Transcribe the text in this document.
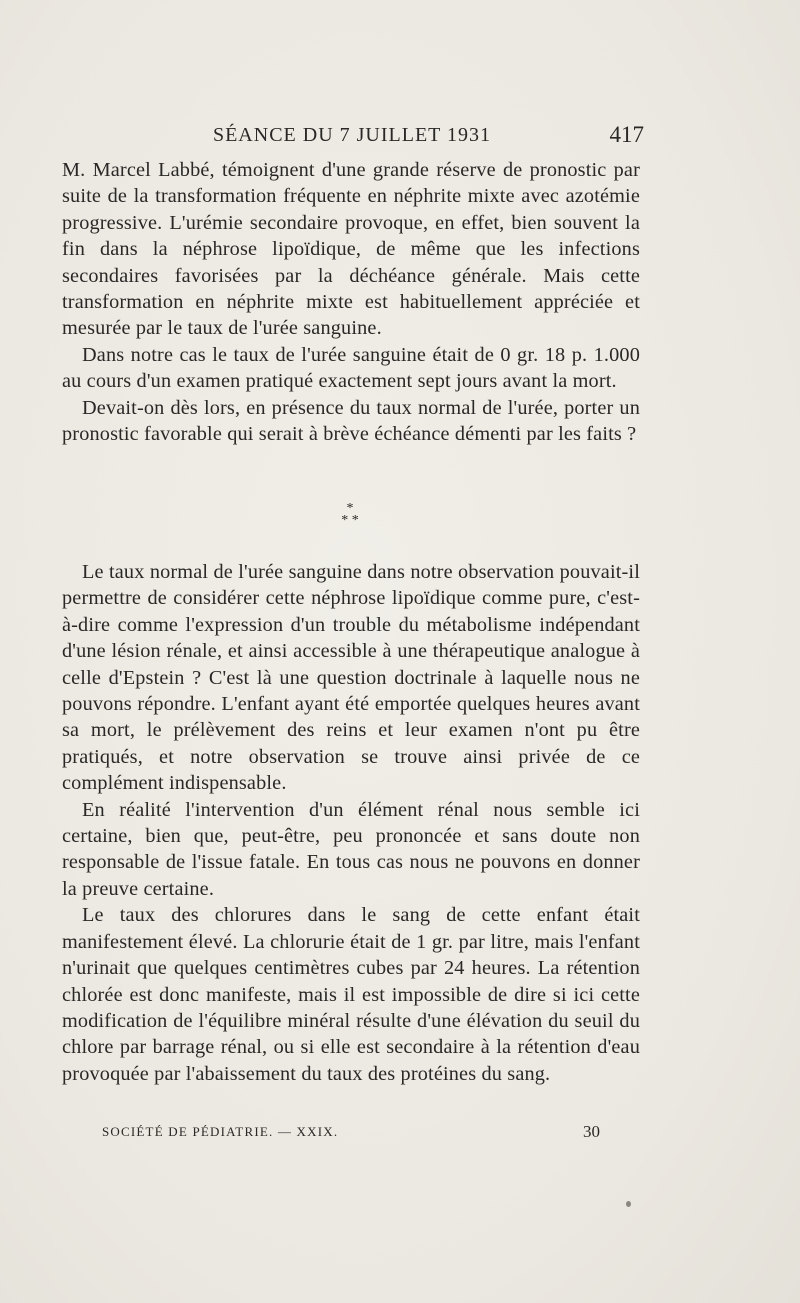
SÉANCE DU 7 JUILLET 1931	417

M. Marcel Labbé, témoignent d'une grande réserve de pronostic par suite de la transformation fréquente en néphrite mixte avec azotémie progressive. L'urémie secondaire provoque, en effet, bien souvent la fin dans la néphrose lipoïdique, de même que les infections secondaires favorisées par la déchéance générale. Mais cette transformation en néphrite mixte est habituellement appréciée et mesurée par le taux de l'urée sanguine.

Dans notre cas le taux de l'urée sanguine était de 0 gr. 18 p. 1.000 au cours d'un examen pratiqué exactement sept jours avant la mort.

Devait-on dès lors, en présence du taux normal de l'urée, porter un pronostic favorable qui serait à brève échéance démenti par les faits ?

*
* *

Le taux normal de l'urée sanguine dans notre observation pouvait-il permettre de considérer cette néphrose lipoïdique comme pure, c'est-à-dire comme l'expression d'un trouble du métabolisme indépendant d'une lésion rénale, et ainsi accessible à une thérapeutique analogue à celle d'Epstein ? C'est là une question doctrinale à laquelle nous ne pouvons répondre. L'enfant ayant été emportée quelques heures avant sa mort, le prélèvement des reins et leur examen n'ont pu être pratiqués, et notre observation se trouve ainsi privée de ce complément indispensable.

En réalité l'intervention d'un élément rénal nous semble ici certaine, bien que, peut-être, peu prononcée et sans doute non responsable de l'issue fatale. En tous cas nous ne pouvons en donner la preuve certaine.

Le taux des chlorures dans le sang de cette enfant était manifestement élevé. La chlorurie était de 1 gr. par litre, mais l'enfant n'urinait que quelques centimètres cubes par 24 heures. La rétention chlorée est donc manifeste, mais il est impossible de dire si ici cette modification de l'équilibre minéral résulte d'une élévation du seuil du chlore par barrage rénal, ou si elle est secondaire à la rétention d'eau provoquée par l'abaissement du taux des protéines du sang.

SOCIÉTÉ DE PÉDIATRIE. — XXIX.	30
